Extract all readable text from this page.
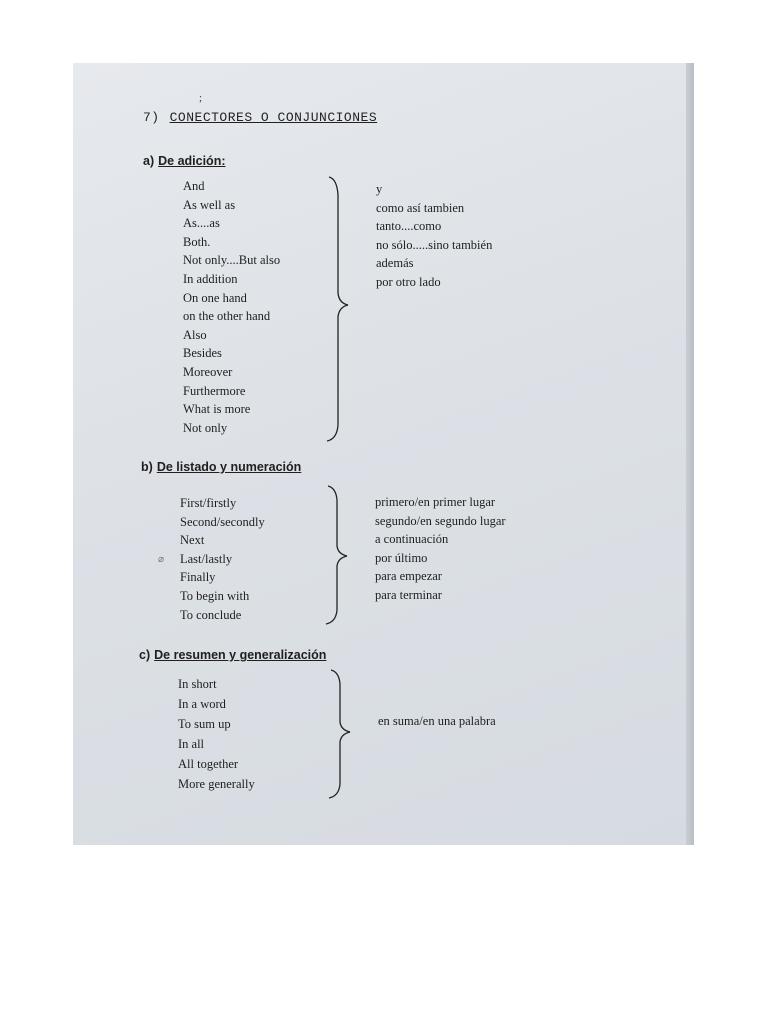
;
7) CONECTORES O CONJUNCIONES
a) De adición:
And
As well as
As....as
Both.
Not only....But also
In addition
On one hand
on the other hand
Also
Besides
Moreover
Furthermore
What is more
Not only
y
como así tambien
tanto....como
no sólo.....sino también
además
por otro lado
b) De listado y numeración
First/firstly
Second/secondly
Next
Last/lastly
Finally
To begin with
To conclude
⌀
primero/en primer lugar
segundo/en segundo lugar
a continuación
por último
para empezar
para terminar
c) De resumen y generalización
In short
In a word
To sum up
In all
All together
More generally
en suma/en una palabra
